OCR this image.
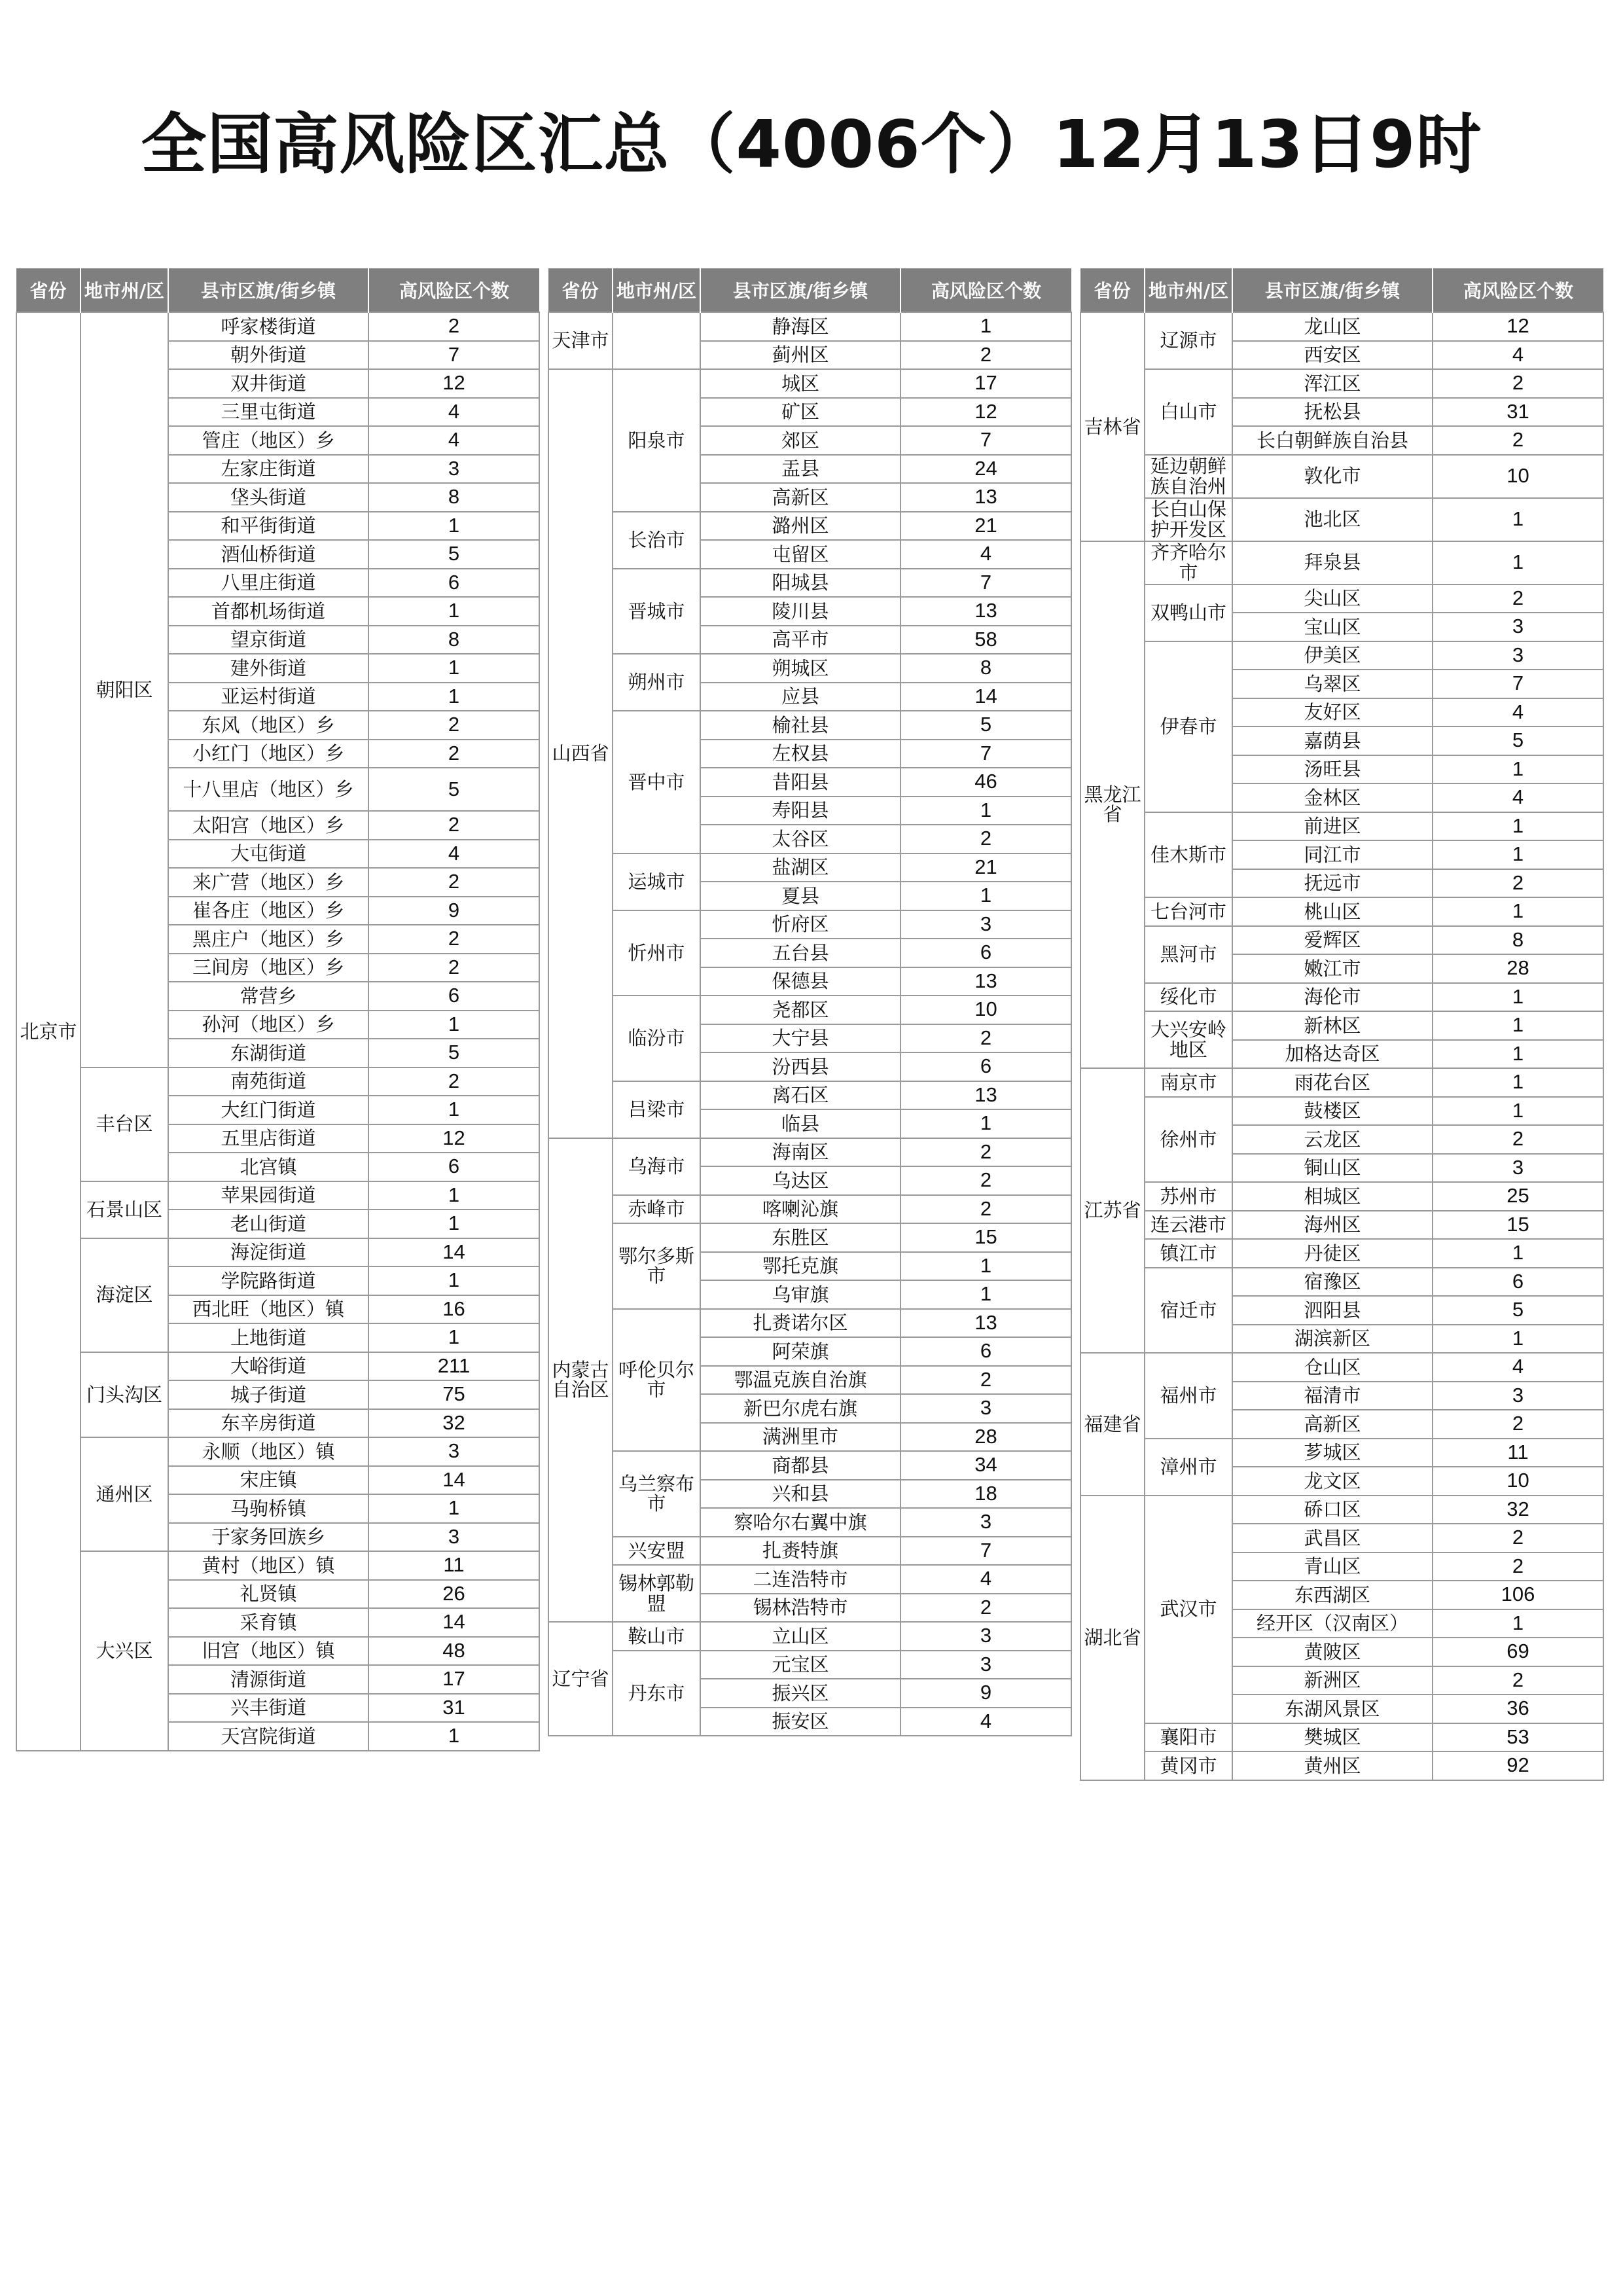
全国高风险区汇总（4006个）12月13日9时
省份	地市州/区	县市区旗/街乡镇	高风险区个数
北京市	朝阳区	呼家楼街道	2
		朝外街道	7
		双井街道	12
		三里屯街道	4
		管庄（地区）乡	4
		左家庄街道	3
		垡头街道	8
		和平街街道	1
		酒仙桥街道	5
		八里庄街道	6
		首都机场街道	1
		望京街道	8
		建外街道	1
		亚运村街道	1
		东风（地区）乡	2
		小红门（地区）乡	2
		十八里店（地区）乡	5
		太阳宫（地区）乡	2
		大屯街道	4
		来广营（地区）乡	2
		崔各庄（地区）乡	9
		黑庄户（地区）乡	2
		三间房（地区）乡	2
		常营乡	6
		孙河（地区）乡	1
		东湖街道	5
	丰台区	南苑街道	2
		大红门街道	1
		五里店街道	12
		北宫镇	6
	石景山区	苹果园街道	1
		老山街道	1
	海淀区	海淀街道	14
		学院路街道	1
		西北旺（地区）镇	16
		上地街道	1
	门头沟区	大峪街道	211
		城子街道	75
		东辛房街道	32
	通州区	永顺（地区）镇	3
		宋庄镇	14
		马驹桥镇	1
		于家务回族乡	3
	大兴区	黄村（地区）镇	11
		礼贤镇	26
		采育镇	14
		旧宫（地区）镇	48
		清源街道	17
		兴丰街道	31
		天宫院街道	1
省份	地市州/区	县市区旗/街乡镇	高风险区个数
天津市		静海区	1
		蓟州区	2
山西省	阳泉市	城区	17
		矿区	12
		郊区	7
		盂县	24
		高新区	13
	长治市	潞州区	21
		屯留区	4
	晋城市	阳城县	7
		陵川县	13
		高平市	58
	朔州市	朔城区	8
		应县	14
	晋中市	榆社县	5
		左权县	7
		昔阳县	46
		寿阳县	1
		太谷区	2
	运城市	盐湖区	21
		夏县	1
	忻州市	忻府区	3
		五台县	6
		保德县	13
	临汾市	尧都区	10
		大宁县	2
		汾西县	6
	吕梁市	离石区	13
		临县	1
内蒙古自治区	乌海市	海南区	2
		乌达区	2
	赤峰市	喀喇沁旗	2
	鄂尔多斯市	东胜区	15
		鄂托克旗	1
		乌审旗	1
	呼伦贝尔市	扎赉诺尔区	13
		阿荣旗	6
		鄂温克族自治旗	2
		新巴尔虎右旗	3
		满洲里市	28
	乌兰察布市	商都县	34
		兴和县	18
		察哈尔右翼中旗	3
	兴安盟	扎赉特旗	7
	锡林郭勒盟	二连浩特市	4
		锡林浩特市	2
辽宁省	鞍山市	立山区	3
	丹东市	元宝区	3
		振兴区	9
		振安区	4
省份	地市州/区	县市区旗/街乡镇	高风险区个数
吉林省	辽源市	龙山区	12
		西安区	4
	白山市	浑江区	2
		抚松县	31
		长白朝鲜族自治县	2
	延边朝鲜族自治州	敦化市	10
	长白山保护开发区	池北区	1
黑龙江省	齐齐哈尔市	拜泉县	1
	双鸭山市	尖山区	2
		宝山区	3
	伊春市	伊美区	3
		乌翠区	7
		友好区	4
		嘉荫县	5
		汤旺县	1
		金林区	4
	佳木斯市	前进区	1
		同江市	1
		抚远市	2
	七台河市	桃山区	1
	黑河市	爱辉区	8
		嫩江市	28
	绥化市	海伦市	1
	大兴安岭地区	新林区	1
		加格达奇区	1
江苏省	南京市	雨花台区	1
	徐州市	鼓楼区	1
		云龙区	2
		铜山区	3
	苏州市	相城区	25
	连云港市	海州区	15
	镇江市	丹徒区	1
	宿迁市	宿豫区	6
		泗阳县	5
		湖滨新区	1
福建省	福州市	仓山区	4
		福清市	3
		高新区	2
	漳州市	芗城区	11
		龙文区	10
湖北省	武汉市	硚口区	32
		武昌区	2
		青山区	2
		东西湖区	106
		经开区（汉南区）	1
		黄陂区	69
		新洲区	2
		东湖风景区	36
	襄阳市	樊城区	53
	黄冈市	黄州区	92
